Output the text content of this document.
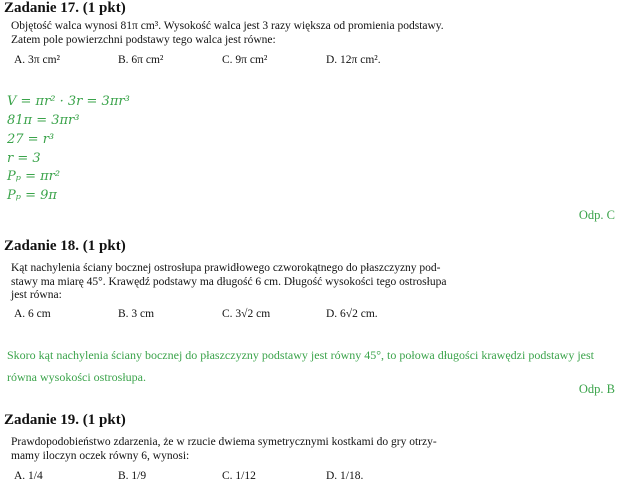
Zadanie 17. (1 pkt)
Objętość walca wynosi 81π cm³. Wysokość walca jest 3 razy większa od promienia podstawy.
Zatem pole powierzchni podstawy tego walca jest równe:
A. 3π cm²	B. 6π cm²	C. 9π cm²	D. 12π cm².
V = πr² · 3r = 3πr³
81π = 3πr³
27 = r³
r = 3
Pₚ = πr²
Pₚ = 9π
Odp. C
Zadanie 18. (1 pkt)
Kąt nachylenia ściany bocznej ostrosłupa prawidłowego czworokątnego do płaszczyzny pod-
stawy ma miarę 45°. Krawędź podstawy ma długość 6 cm. Długość wysokości tego ostrosłupa
jest równa:
A. 6 cm	B. 3 cm	C. 3√2 cm	D. 6√2 cm.
Skoro kąt nachylenia ściany bocznej do płaszczyzny podstawy jest równy 45°, to połowa długości krawędzi podstawy jest równa wysokości ostrosłupa.
Odp. B
Zadanie 19. (1 pkt)
Prawdopodobieństwo zdarzenia, że w rzucie dwiema symetrycznymi kostkami do gry otrzy-
mamy iloczyn oczek równy 6, wynosi:
A. 1/4	B. 1/9	C. 1/12	D. 1/18.
